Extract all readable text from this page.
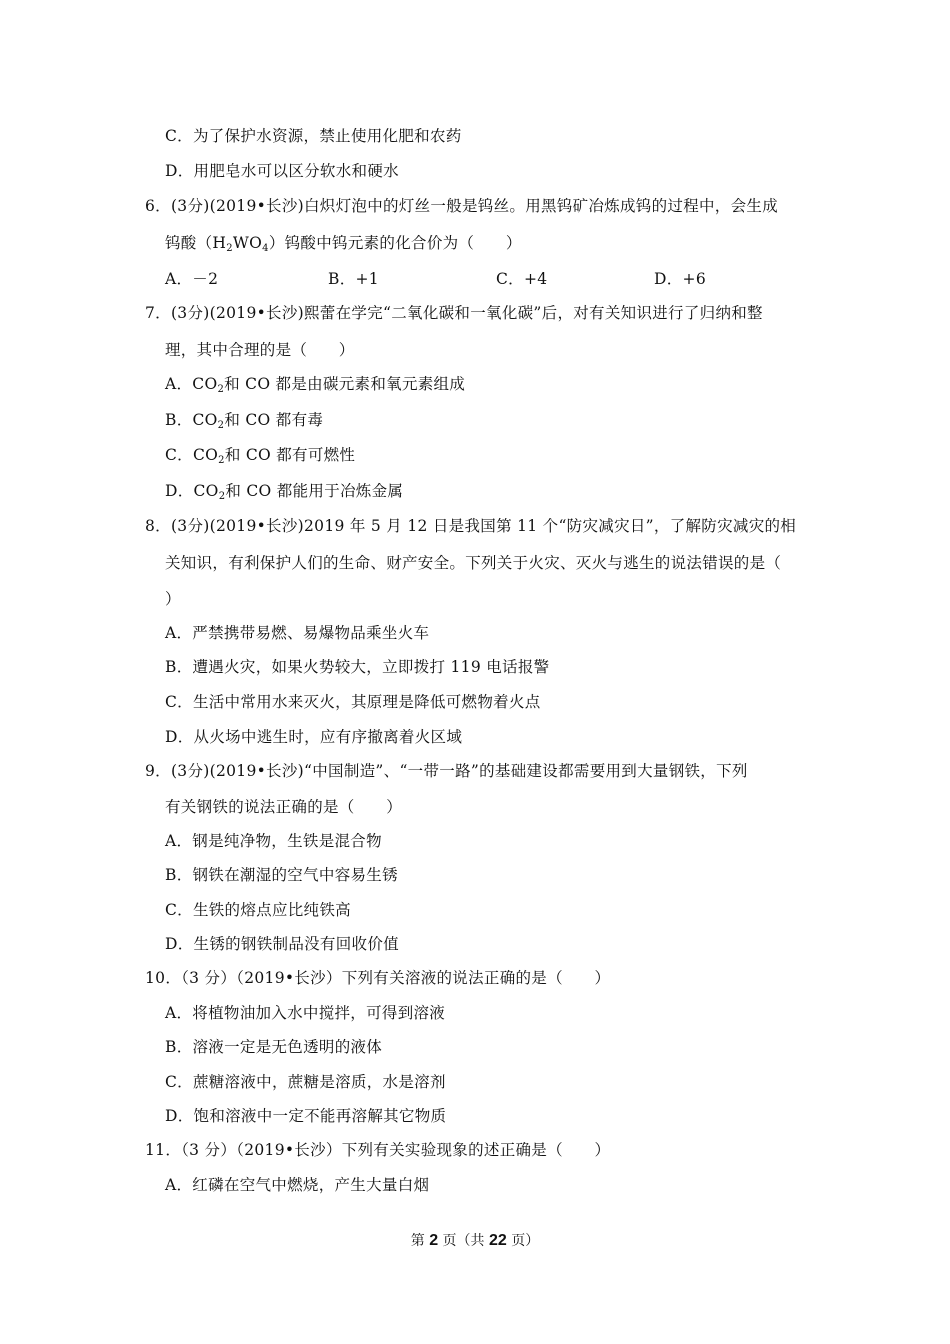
C．为了保护水资源，禁止使用化肥和农药
D．用肥皂水可以区分软水和硬水
6．(3分)(2019•长沙)白炽灯泡中的灯丝一般是钨丝。用黑钨矿冶炼成钨的过程中，会生成
钨酸$(H_2WO_4)$钨酸中钨元素的化合价为（　　）
A．－2	B．+1	C．+4	D．+6
7．(3分)(2019•长沙)熙蕾在学完“二氧化碳和一氧化碳”后，对有关知识进行了归纳和整
理，其中合理的是（　　）
A．$CO_2$和 CO 都是由碳元素和氧元素组成
B．$CO_2$和 CO 都有毒
C．$CO_2$和 CO 都有可燃性
D．$CO_2$和 CO 都能用于冶炼金属
8．(3分)(2019•长沙)2019 年 5 月 12 日是我国第 11 个“防灾减灾日”，了解防灾减灾的相
关知识，有利保护人们的生命、财产安全。下列关于火灾、灭火与逃生的说法错误的是（
）
A．严禁携带易燃、易爆物品乘坐火车
B．遭遇火灾，如果火势较大，立即拨打 119 电话报警
C．生活中常用水来灭火，其原理是降低可燃物着火点
D．从火场中逃生时，应有序撤离着火区域
9．(3分)(2019•长沙)“中国制造”、“一带一路”的基础建设都需要用到大量钢铁，下列
有关钢铁的说法正确的是（　　）
A．钢是纯净物，生铁是混合物
B．钢铁在潮湿的空气中容易生锈
C．生铁的熔点应比纯铁高
D．生锈的钢铁制品没有回收价值
10．（3 分）（2019•长沙）下列有关溶液的说法正确的是（　　）
A．将植物油加入水中搅拌，可得到溶液
B．溶液一定是无色透明的液体
C．蔗糖溶液中，蔗糖是溶质，水是溶剂
D．饱和溶液中一定不能再溶解其它物质
11．（3 分）（2019•长沙）下列有关实验现象的述正确是（　　）
A．红磷在空气中燃烧，产生大量白烟
第 2 页（共 22 页）
